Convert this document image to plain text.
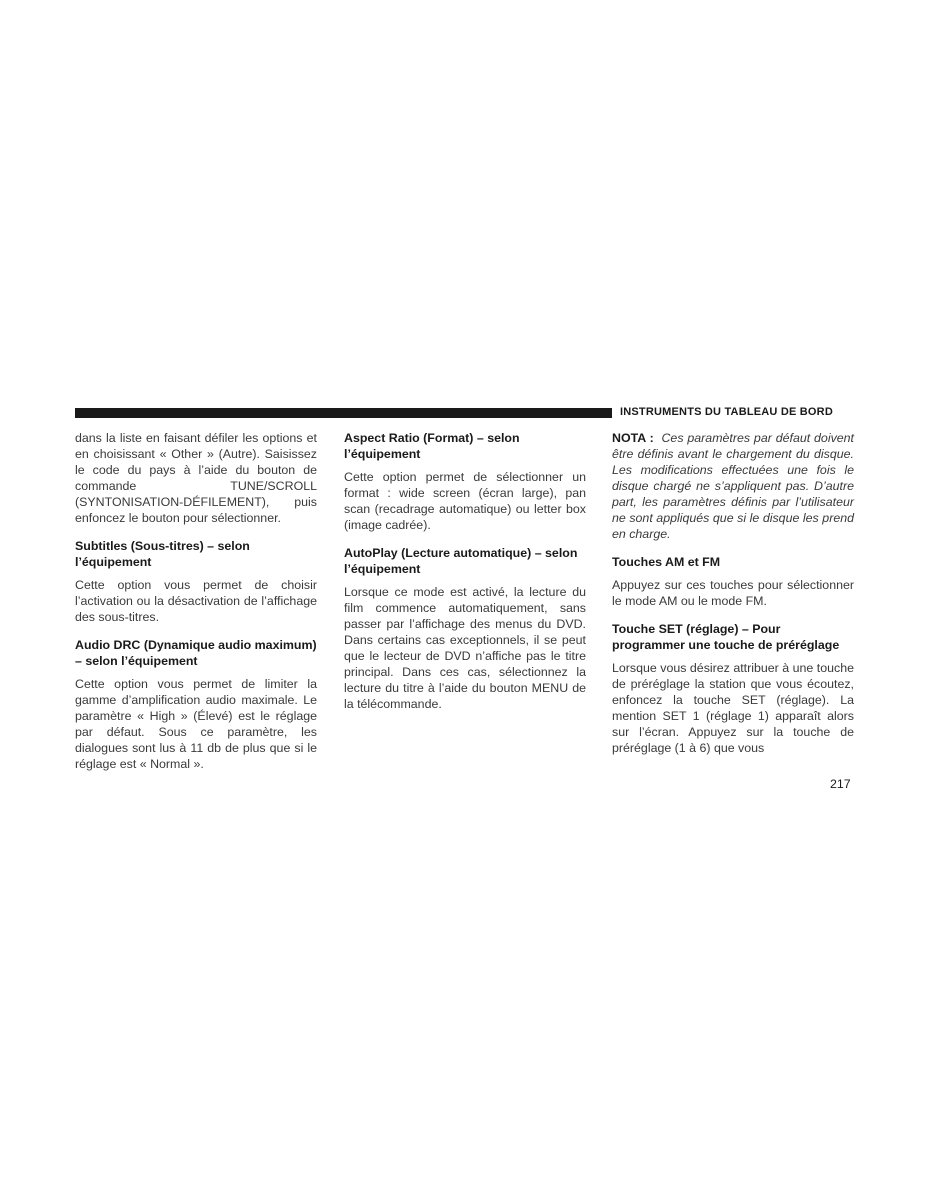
INSTRUMENTS DU TABLEAU DE BORD

dans la liste en faisant défiler les options et en choisissant « Other » (Autre). Saisissez le code du pays à l’aide du bouton de commande TUNE/SCROLL (SYNTONISATION-DÉFILEMENT), puis enfoncez le bouton pour sélectionner.

Subtitles (Sous-titres) – selon l’équipement

Cette option vous permet de choisir l’activation ou la désactivation de l’affichage des sous-titres.

Audio DRC (Dynamique audio maximum) – selon l’équipement

Cette option vous permet de limiter la gamme d’amplification audio maximale. Le paramètre « High » (Élevé) est le réglage par défaut. Sous ce paramètre, les dialogues sont lus à 11 db de plus que si le réglage est « Normal ».

Aspect Ratio (Format) – selon l’équipement

Cette option permet de sélectionner un format : wide screen (écran large), pan scan (recadrage automatique) ou letter box (image cadrée).

AutoPlay (Lecture automatique) – selon l’équipement

Lorsque ce mode est activé, la lecture du film commence automatiquement, sans passer par l’affichage des menus du DVD. Dans certains cas exceptionnels, il se peut que le lecteur de DVD n’affiche pas le titre principal. Dans ces cas, sélectionnez la lecture du titre à l’aide du bouton MENU de la télécommande.

NOTA : Ces paramètres par défaut doivent être définis avant le chargement du disque. Les modifications effectuées une fois le disque chargé ne s’appliquent pas. D’autre part, les paramètres définis par l’utilisateur ne sont appliqués que si le disque les prend en charge.

Touches AM et FM

Appuyez sur ces touches pour sélectionner le mode AM ou le mode FM.

Touche SET (réglage) – Pour programmer une touche de préréglage

Lorsque vous désirez attribuer à une touche de préréglage la station que vous écoutez, enfoncez la touche SET (réglage). La mention SET 1 (réglage 1) apparaît alors sur l’écran. Appuyez sur la touche de préréglage (1 à 6) que vous

217
